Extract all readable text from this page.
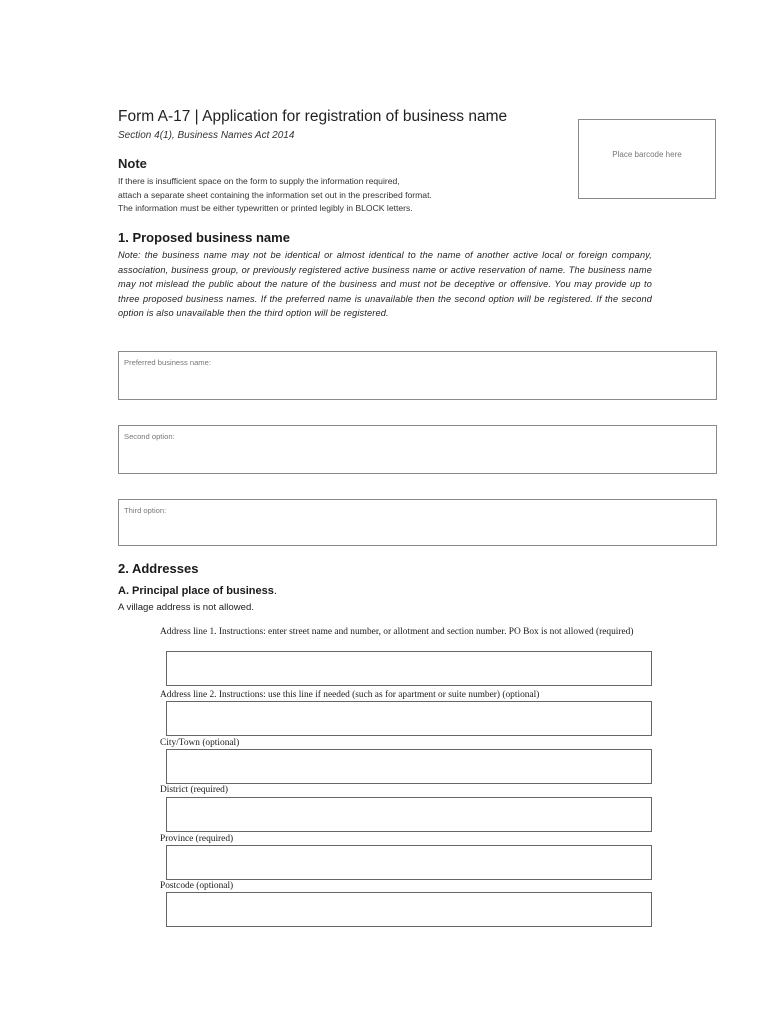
Form A-17 | Application for registration of business name
Section 4(1), Business Names Act 2014
Place barcode here
Note
If there is insufficient space on the form to supply the information required,
attach a separate sheet containing the information set out in the prescribed format.
The information must be either typewritten or printed legibly in BLOCK letters.
1. Proposed business name
Note: the business name may not be identical or almost identical to the name of another active local or foreign company, association, business group, or previously registered active business name or active reservation of name. The business name may not mislead the public about the nature of the business and must not be deceptive or offensive. You may provide up to three proposed business names. If the preferred name is unavailable then the second option will be registered. If the second option is also unavailable then the third option will be registered.
Preferred business name:
Second option:
Third option:
2. Addresses
A. Principal place of business.
A village address is not allowed.
Address line 1. Instructions: enter street name and number, or allotment and section number. PO Box is not allowed (required)
Address line 2. Instructions: use this line if needed (such as for apartment or suite number) (optional)
City/Town (optional)
District (required)
Province (required)
Postcode (optional)
